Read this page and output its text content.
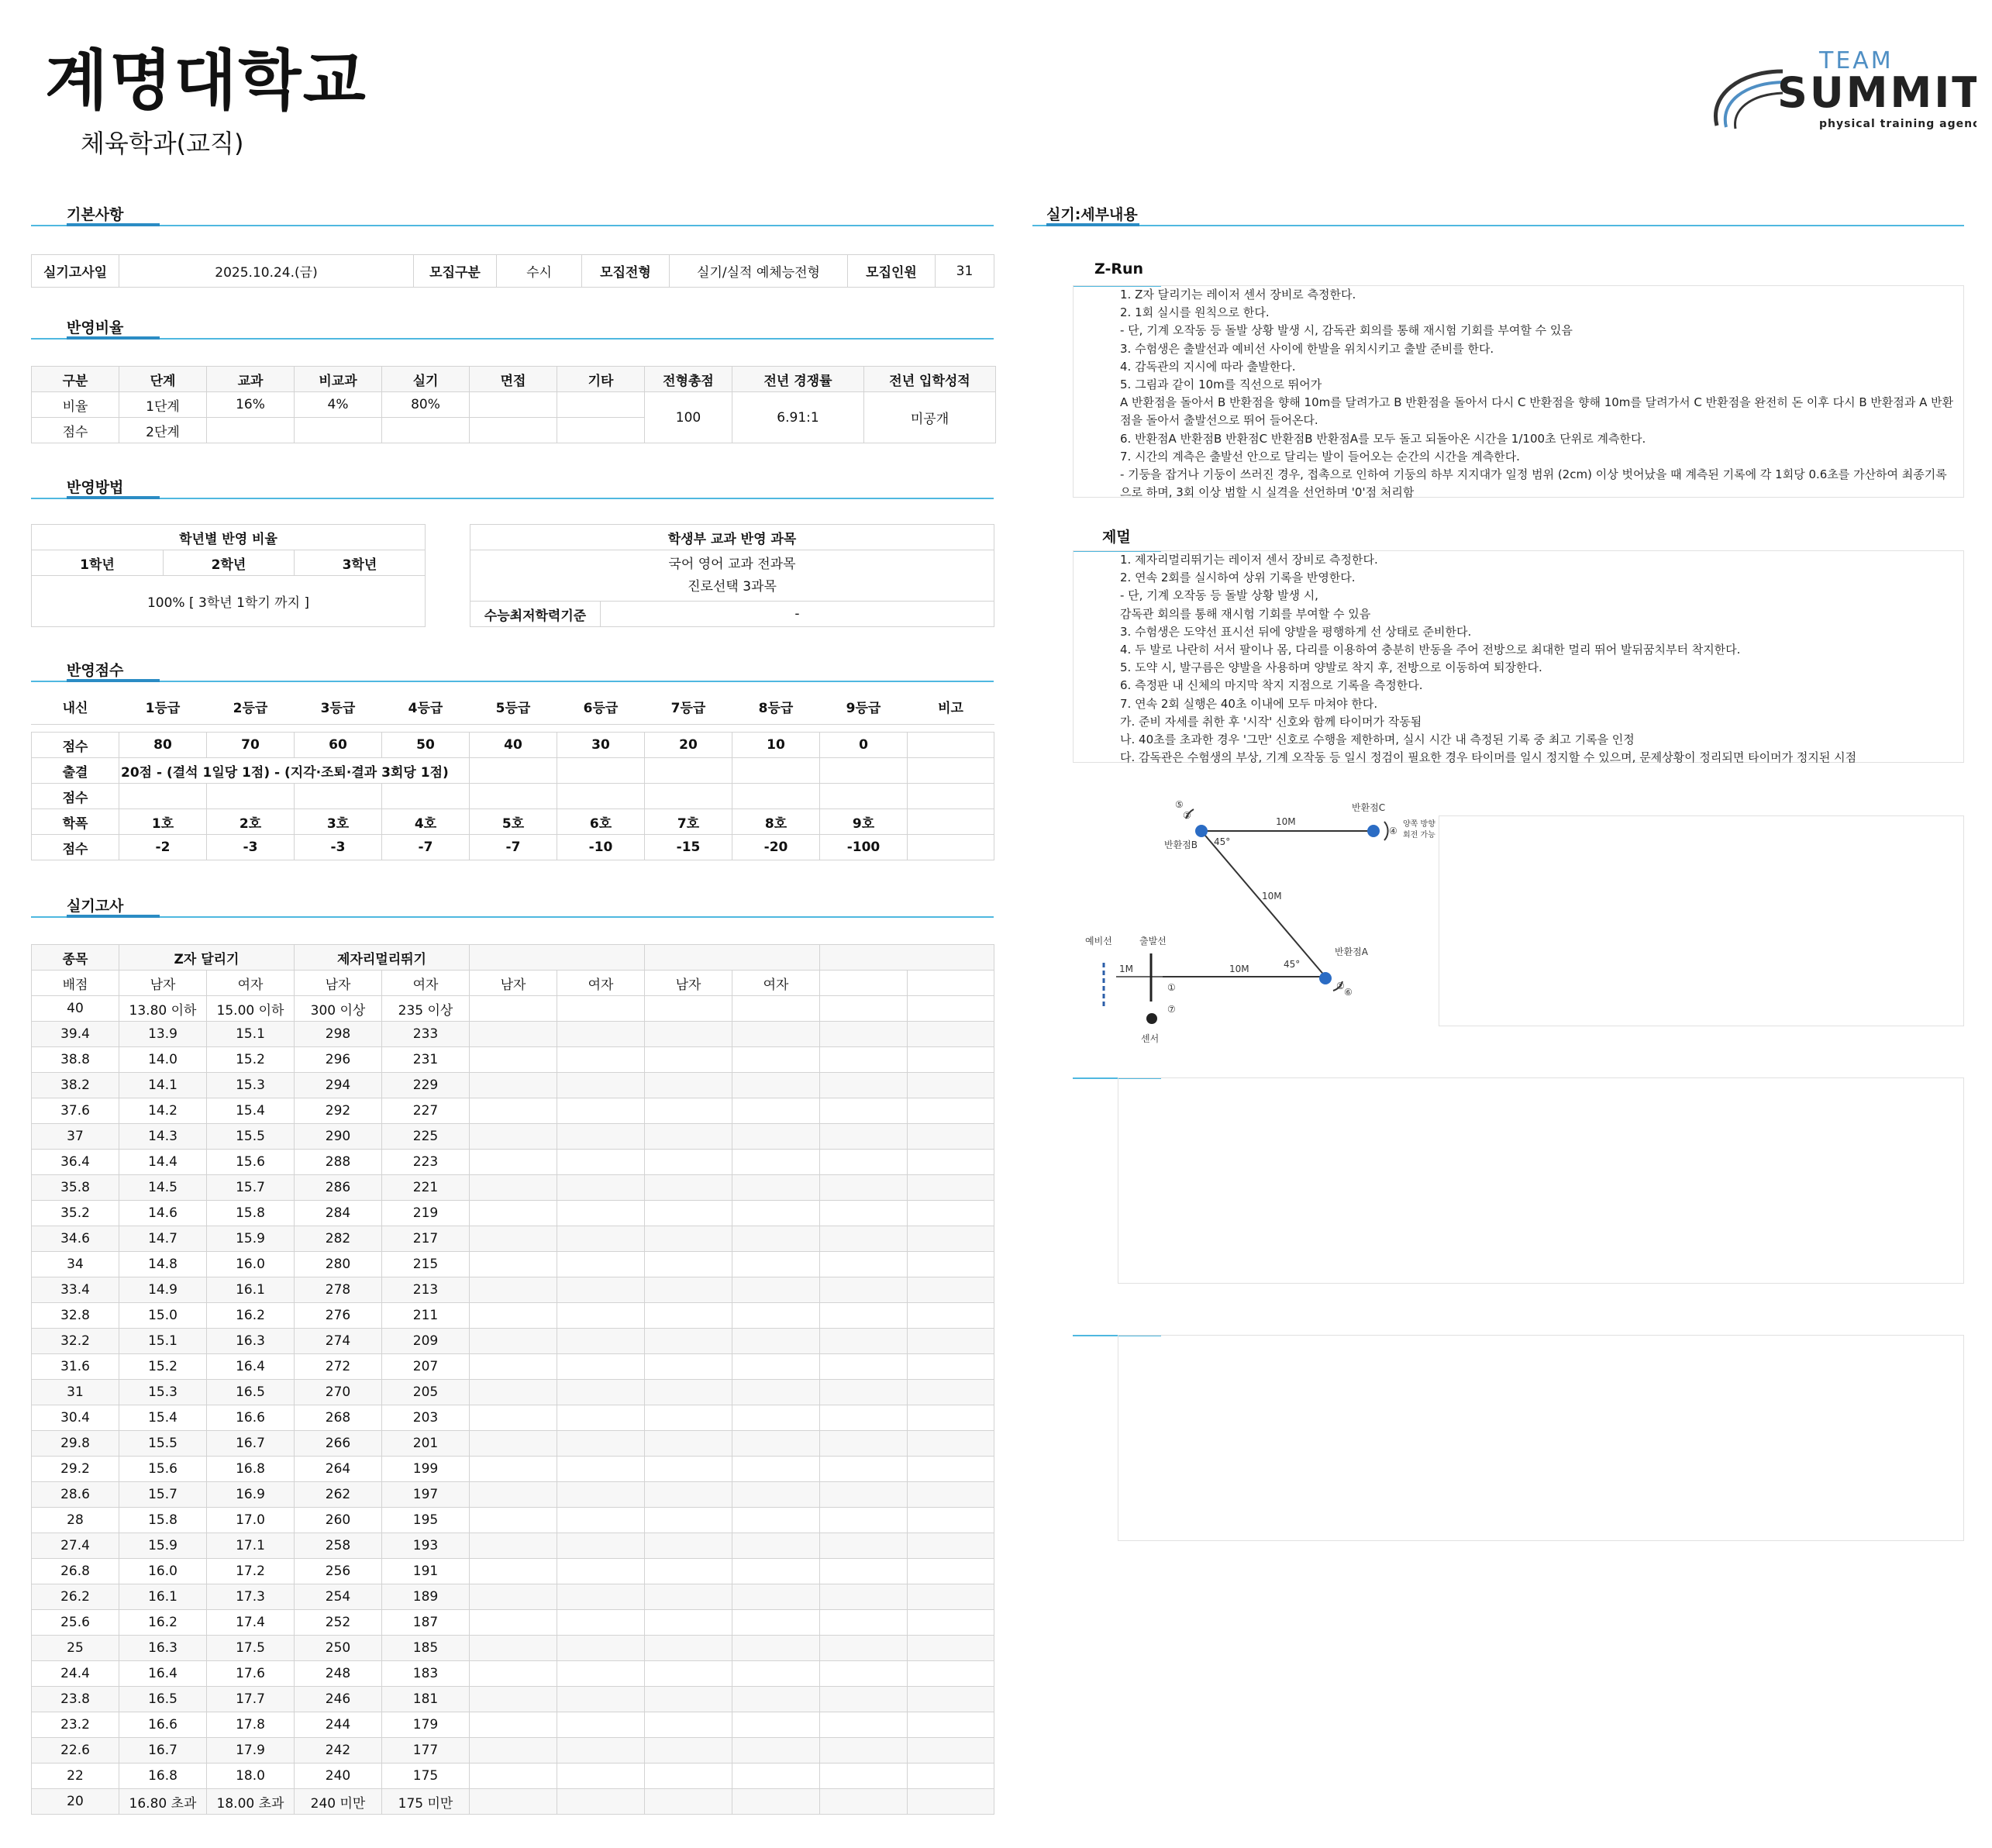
계명대학교
체육학과(교직)
TEAM
SUMMIT
physical training agency
기본사항
실기고사일	2025.10.24.(금)	모집구분	수시	모집전형	실기/실적 예체능전형	모집인원	31
반영비율
구분	단계	교과	비교과	실기	면접	기타	전형총점	전년 경쟁률	전년 입학성적
비율	1단계	16%	4%	80%			100	6.91:1	미공개
점수	2단계								
반영방법
학년별 반영 비율
1학년	2학년	3학년
100% [ 3학년 1학기 까지 ]
학생부 교과 반영 과목

국어 영어 교과 전과목
진로선택 3과목

수능최저학력기준	-
반영점수
내신	1등급	2등급	3등급	4등급	5등급	6등급	7등급	8등급	9등급	비고

점수	80	70	60	50	40	30	20	10	0	
출결	20점 - (결석 1일당 1점) - (지각·조퇴·결과 3회당 1점)									
점수										
학폭	1호	2호	3호	4호	5호	6호	7호	8호	9호	
점수	-2	-3	-3	-7	-7	-10	-15	-20	-100	
실기고사
종목	Z자 달리기		제자리멀리뛰기							
배점	남자	여자	남자	여자	남자	여자	남자	여자		
40	13.80 이하	15.00 이하	300 이상	235 이상						
39.4	13.9	15.1	298	233						
38.8	14.0	15.2	296	231						
38.2	14.1	15.3	294	229						
37.6	14.2	15.4	292	227						
37	14.3	15.5	290	225						
36.4	14.4	15.6	288	223						
35.8	14.5	15.7	286	221						
35.2	14.6	15.8	284	219						
34.6	14.7	15.9	282	217						
34	14.8	16.0	280	215						
33.4	14.9	16.1	278	213						
32.8	15.0	16.2	276	211						
32.2	15.1	16.3	274	209						
31.6	15.2	16.4	272	207						
31	15.3	16.5	270	205						
30.4	15.4	16.6	268	203						
29.8	15.5	16.7	266	201						
29.2	15.6	16.8	264	199						
28.6	15.7	16.9	262	197						
28	15.8	17.0	260	195						
27.4	15.9	17.1	258	193						
26.8	16.0	17.2	256	191						
26.2	16.1	17.3	254	189						
25.6	16.2	17.4	252	187						
25	16.3	17.5	250	185						
24.4	16.4	17.6	248	183						
23.8	16.5	17.7	246	181						
23.2	16.6	17.8	244	179						
22.6	16.7	17.9	242	177						
22	16.8	18.0	240	175						
20	16.80 초과	18.00 초과	240 미만	175 미만						
실기:세부내용
Z-Run
1. Z자 달리기는 레이저 센서 장비로 측정한다.
2. 1회 실시를 원칙으로 한다.
- 단, 기계 오작동 등 돌발 상황 발생 시, 감독관 회의를 통해 재시험 기회를 부여할 수 있음
3. 수험생은 출발선과 예비선 사이에 한발을 위치시키고 출발 준비를 한다.
4. 감독관의 지시에 따라 출발한다.
5. 그림과 같이 10m를 직선으로 뛰어가
A 반환점을 돌아서 B 반환점을 향해 10m를 달려가고 B 반환점을 돌아서 다시 C 반환점을 향해 10m를 달려가서 C 반환점을 완전히 돈 이후 다시 B 반환점과 A 반환점을 돌아서 출발선으로 뛰어 들어온다.
6. 반환점A 반환점B 반환점C 반환점B 반환점A를 모두 돌고 되돌아온 시간을 1/100초 단위로 계측한다.
7. 시간의 계측은 출발선 안으로 달리는 발이 들어오는 순간의 시간을 계측한다.
- 기둥을 잡거나 기둥이 쓰러진 경우, 접촉으로 인하여 기둥의 하부 지지대가 일정 범위 (2cm) 이상 벗어났을 때 계측된 기록에 각 1회당 0.6초를 가산하여 최종기록으로 하며, 3회 이상 범할 시 실격을 선언하며 '0'점 처리함
제멀
1. 제자리멀리뛰기는 레이저 센서 장비로 측정한다.
2. 연속 2회를 실시하여 상위 기록을 반영한다.
- 단, 기계 오작동 등 돌발 상황 발생 시,
감독관 회의를 통해 재시험 기회를 부여할 수 있음
3. 수험생은 도약선 표시선 뒤에 양발을 평행하게 선 상태로 준비한다.
4. 두 발로 나란히 서서 팔이나 몸, 다리를 이용하여 충분히 반동을 주어 전방으로 최대한 멀리 뛰어 발뒤꿈치부터 착지한다.
5. 도약 시, 발구름은 양발을 사용하며 양발로 착지 후, 전방으로 이동하여 퇴장한다.
6. 측정판 내 신체의 마지막 착지 지점으로 기록을 측정한다.
7. 연속 2회 실행은 40초 이내에 모두 마쳐야 한다.
가. 준비 자세를 취한 후 '시작' 신호와 함께 타이머가 작동됨
나. 40초를 초과한 경우 '그만' 신호로 수행을 제한하며, 실시 시간 내 측정된 기록 중 최고 기록을 인정
다. 감독관은 수험생의 부상, 기계 오작동 등 일시 정검이 필요한 경우 타이머를 일시 정지할 수 있으며, 문제상황이 정리되면 타이머가 정지된 시점
반환점B
반환점C
반환점A
양쪽 방향
회전 가능
10M
10M
10M
1M
45°
45°
예비선	출발선
센서
⑤
③
④
②
⑥
①
⑦
